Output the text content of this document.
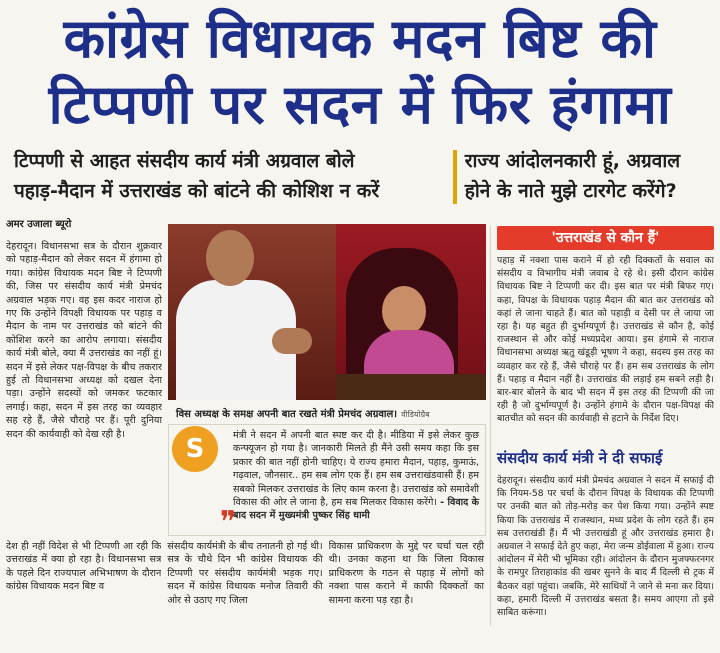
कांग्रेस विधायक मदन बिष्ट की
टिप्पणी पर सदन में फिर हंगामा
टिप्पणी से आहत संसदीय कार्य मंत्री अग्रवाल बोले
पहाड़-मैदान में उत्तराखंड को बांटने की कोशिश न करें
राज्य आंदोलनकारी हूं, अग्रवाल
होने के नाते मुझे टारगेट करेंगे?
अमर उजाला ब्यूरो
देहरादून। विधानसभा सत्र के दौरान शुक्रवार को पहाड़-मैदान को लेकर सदन में हंगामा हो गया। कांग्रेस विधायक मदन बिष्ट ने टिप्पणी की, जिस पर संसदीय कार्य मंत्री प्रेमचंद अग्रवाल भड़क गए। वह इस कदर नाराज हो गए कि उन्होंने विपक्षी विधायक पर पहाड़ व मैदान के नाम पर उत्तराखंड को बांटने की कोशिश करने का आरोप लगाया। संसदीय कार्य मंत्री बोले, क्या मैं उत्तराखंड का नहीं हूं। सदन में इसे लेकर पक्ष-विपक्ष के बीच तकरार हुई तो विधानसभा अध्यक्ष को दखल देना पड़ा। उन्होंने सदस्यों को जमकर फटकार लगाई। कहा, सदन में इस तरह का व्यवहार सह रहे हैं, जैसे चौराहे पर हैं। पूरी दुनिया सदन की कार्यवाही को देख रही है।
विस अध्यक्ष के समक्ष अपनी बात रखते मंत्री प्रेमचंद अग्रवाल। वीडियोग्रैब
मंत्री ने सदन में अपनी बात स्पष्ट कर दी है। मीडिया में इसे लेकर कुछ कन्फ्यूजन हो गया है। जानकारी मिलते ही मैंने उसी समय कहा कि इस प्रकार की बात नहीं होनी चाहिए। ये राज्य हमारा मैदान, पहाड़, कुमाऊं, गढ़वाल, जौनसार.. हम सब लोग एक हैं। हम सब उत्तराखंडवासी हैं। हम सबको मिलकर उत्तराखंड के लिए काम करना है। उत्तराखंड को समावेशी विकास की ओर ले जाना है, हम सब मिलकर विकास करेंगे। - विवाद के बाद सदन में मुख्यमंत्री पुष्कर सिंह धामी
S
❞
देश ही नहीं विदेश से भी टिप्पणी आ रही कि उत्तराखंड में क्या हो रहा है। विधानसभा सत्र के पहले दिन राज्यपाल अभिभाषण के दौरान कांग्रेस विधायक मदन बिष्ट व
संसदीय कार्यमंत्री के बीच तनातनी हो गई थी। सत्र के चौथे दिन भी कांग्रेस विधायक की टिप्पणी पर संसदीय कार्यमंत्री भड़क गए। सदन में कांग्रेस विधायक मनोज तिवारी की ओर से उठाए गए जिला
विकास प्राधिकरण के मुद्दे पर चर्चा चल रही थी। उनका कहना था कि जिला विकास प्राधिकरण के गठन से पहाड़ में लोगों को नक्शा पास कराने में काफी दिक्कतों का सामना करना पड़ रहा है।
'उत्तराखंड से कौन हैं'
पहाड़ में नक्शा पास कराने में हो रही दिक्कतों के सवाल का संसदीय व विभागीय मंत्री जवाब दे रहे थे। इसी दौरान कांग्रेस विधायक बिष्ट ने टिप्पणी कर दी। इस बात पर मंत्री बिफर गए। कहा, विपक्ष के विधायक पहाड़ मैदान की बात कर उत्तराखंड को कहां ले जाना चाहते हैं। बात को पहाड़ी व देसी पर ले जाया जा रहा है। यह बहुत ही दुर्भाग्यपूर्ण है। उत्तराखंड से कौन है, कोई राजस्थान से और कोई मध्यप्रदेश आया। इस हंगामे से नाराज विधानसभा अध्यक्ष ऋतु खंडूड़ी भूषण ने कहा, सदस्य इस तरह का व्यवहार कर रहे हैं, जैसे चौराहे पर हैं। हम सब उत्तराखंड के लोग हैं। पहाड़ व मैदान नहीं है। उत्तराखंड की लड़ाई हम सबने लड़ी है। बार-बार बोलने के बाद भी सदन में इस तरह की टिप्पणी की जा रही है जो दुर्भाग्यपूर्ण है। उन्होंने हंगामे के दौरान पक्ष-विपक्ष की बातचीत को सदन की कार्यवाही से हटाने के निर्देश दिए।
संसदीय कार्य मंत्री ने दी सफाई
देहरादून। संसदीय कार्य मंत्री प्रेमचंद अग्रवाल ने सदन में सफाई दी कि नियम-58 पर चर्चा के दौरान विपक्ष के विधायक की टिप्पणी पर उनकी बात को तोड़-मरोड़ कर पेश किया गया। उन्होंने स्पष्ट किया कि उत्तराखंड में राजस्थान, मध्य प्रदेश के लोग रहते हैं। हम सब उत्तराखंडी हैं। मैं भी उत्तराखंडी हूं और उत्तराखंड हमारा है। अग्रवाल ने सफाई देते हुए कहा, मेरा जन्म डोईवाला में हुआ। राज्य आंदोलन में मेरी भी भूमिका रही। आंदोलन के दौरान मुजफ्फरनगर के रामपुर तिराहाकांड की खबर सुनने के बाद मैं दिल्ली से ट्रक में बैठकर वहां पहुंचा। जबकि, मेरे साथियों ने जाने से मना कर दिया। कहा, हमारी दिल्ली में उत्तराखंड बसता है। समय आएगा तो इसे साबित करूंगा।
